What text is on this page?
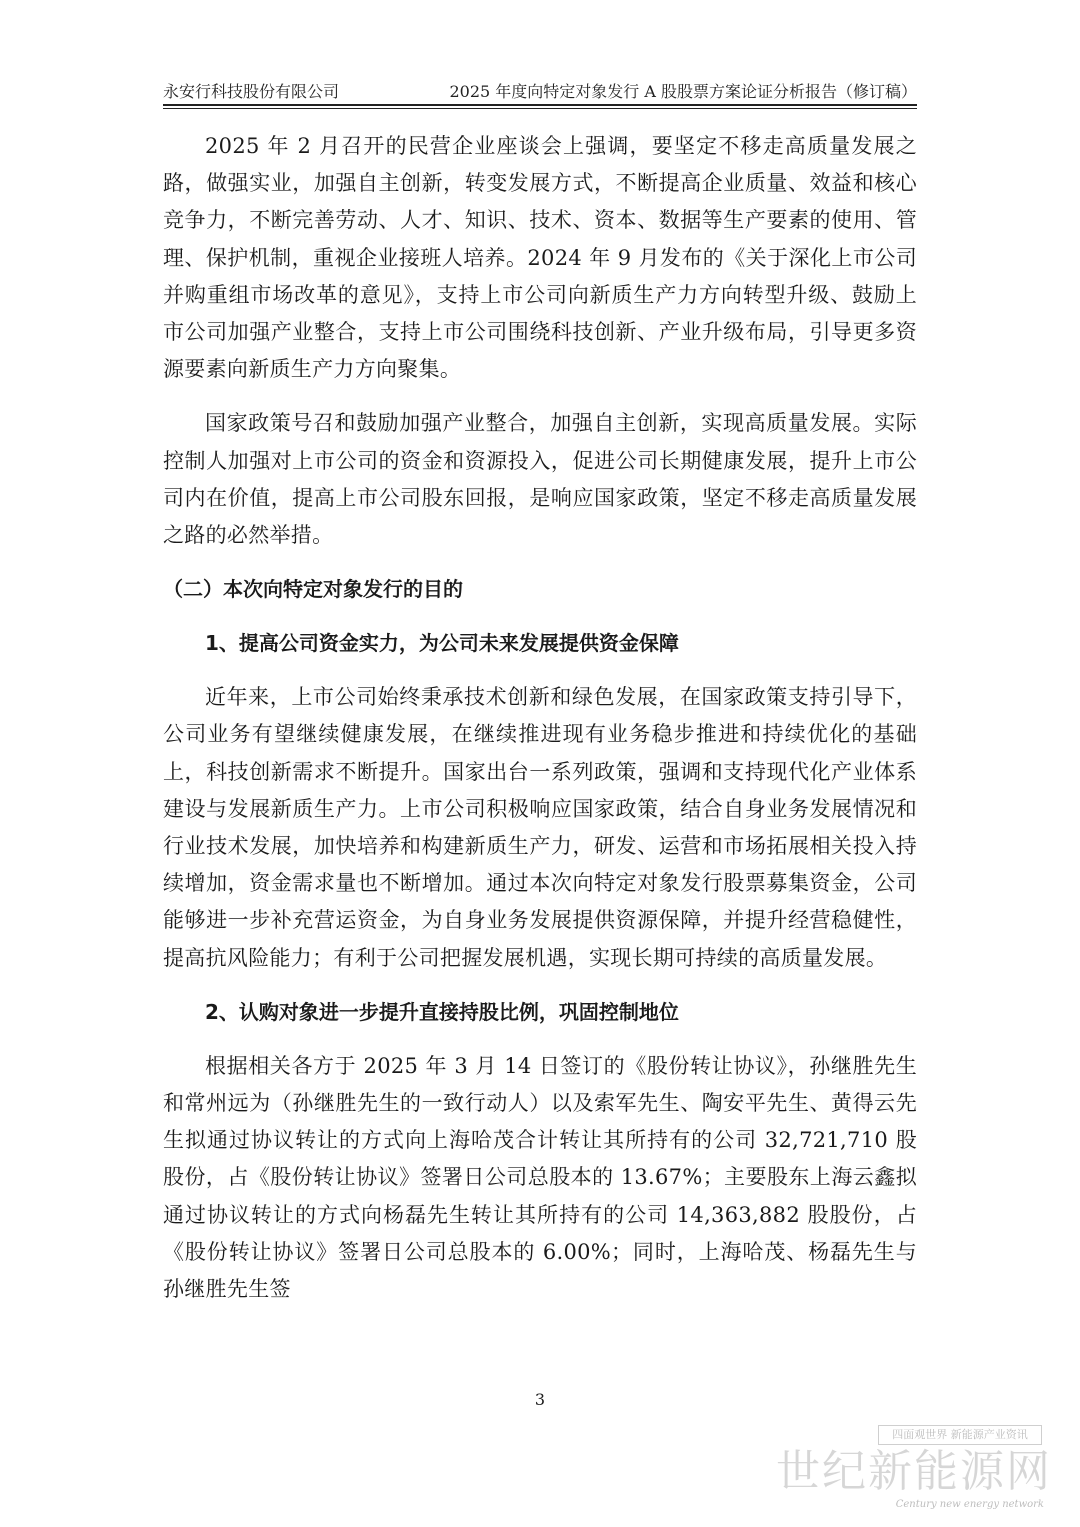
永安行科技股份有限公司	2025 年度向特定对象发行 A 股股票方案论证分析报告（修订稿）

2025 年 2 月召开的民营企业座谈会上强调，要坚定不移走高质量发展之路，做强实业，加强自主创新，转变发展方式，不断提高企业质量、效益和核心竞争力，不断完善劳动、人才、知识、技术、资本、数据等生产要素的使用、管理、保护机制，重视企业接班人培养。2024 年 9 月发布的《关于深化上市公司并购重组市场改革的意见》，支持上市公司向新质生产力方向转型升级、鼓励上市公司加强产业整合，支持上市公司围绕科技创新、产业升级布局，引导更多资源要素向新质生产力方向聚集。

国家政策号召和鼓励加强产业整合，加强自主创新，实现高质量发展。实际控制人加强对上市公司的资金和资源投入，促进公司长期健康发展，提升上市公司内在价值，提高上市公司股东回报，是响应国家政策，坚定不移走高质量发展之路的必然举措。

（二）本次向特定对象发行的目的
1、提高公司资金实力，为公司未来发展提供资金保障

近年来，上市公司始终秉承技术创新和绿色发展，在国家政策支持引导下，公司业务有望继续健康发展，在继续推进现有业务稳步推进和持续优化的基础上，科技创新需求不断提升。国家出台一系列政策，强调和支持现代化产业体系建设与发展新质生产力。上市公司积极响应国家政策，结合自身业务发展情况和行业技术发展，加快培养和构建新质生产力，研发、运营和市场拓展相关投入持续增加，资金需求量也不断增加。通过本次向特定对象发行股票募集资金，公司能够进一步补充营运资金，为自身业务发展提供资源保障，并提升经营稳健性，提高抗风险能力；有利于公司把握发展机遇，实现长期可持续的高质量发展。

2、认购对象进一步提升直接持股比例，巩固控制地位

根据相关各方于 2025 年 3 月 14 日签订的《股份转让协议》，孙继胜先生和常州远为（孙继胜先生的一致行动人）以及索军先生、陶安平先生、黄得云先生拟通过协议转让的方式向上海哈茂合计转让其所持有的公司 32,721,710 股股份，占《股份转让协议》签署日公司总股本的 13.67%；主要股东上海云鑫拟通过协议转让的方式向杨磊先生转让其所持有的公司 14,363,882 股股份，占《股份转让协议》签署日公司总股本的 6.00%；同时，上海哈茂、杨磊先生与孙继胜先生签

3
四面观世界 新能源产业资讯
世纪新能源网
Century new energy network
